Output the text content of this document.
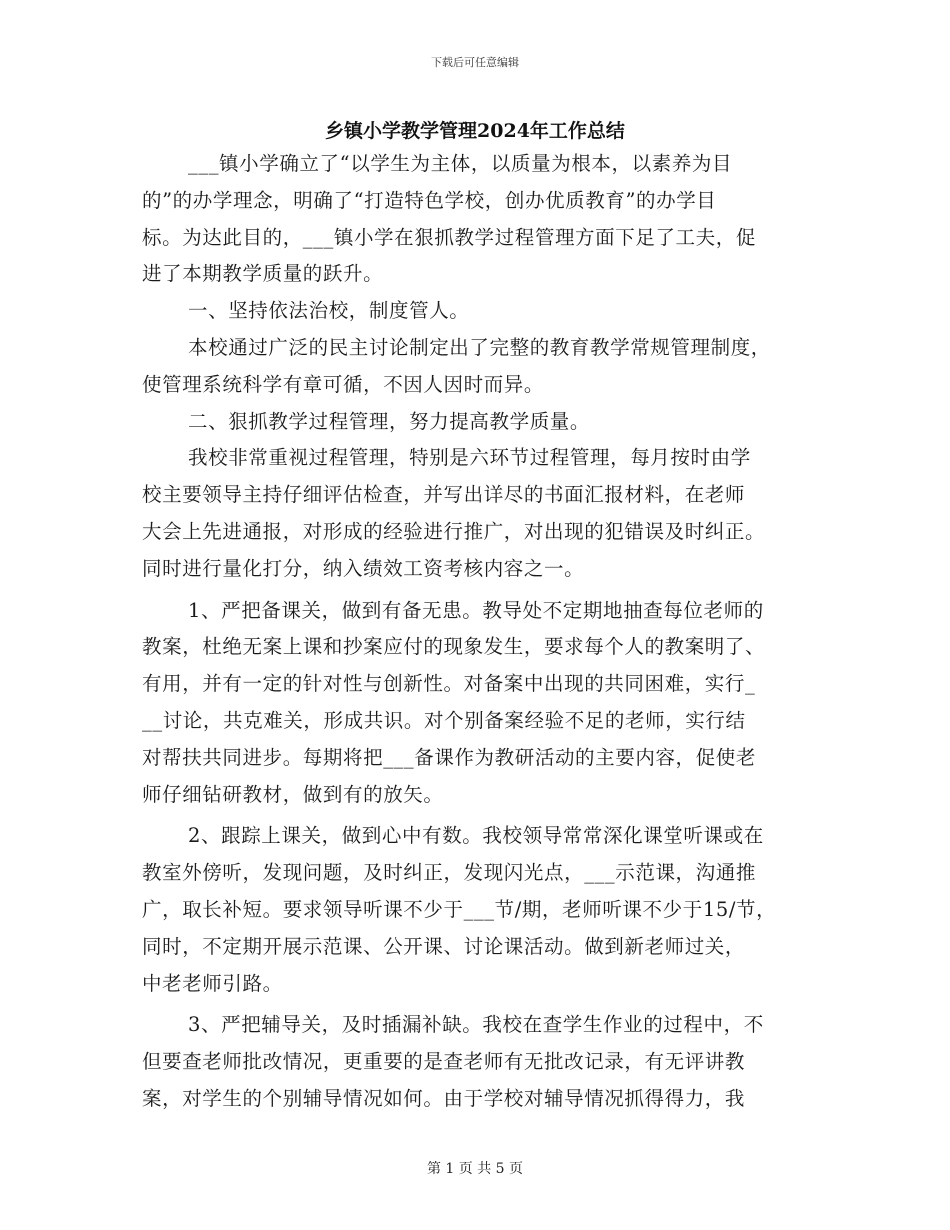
下载后可任意编辑
乡镇小学教学管理2024年工作总结
___镇小学确立了“以学生为主体，以质量为根本，以素养为目
的”的办学理念，明确了“打造特色学校，创办优质教育”的办学目
标。为达此目的，___镇小学在狠抓教学过程管理方面下足了工夫，促
进了本期教学质量的跃升。
一、坚持依法治校，制度管人。
本校通过广泛的民主讨论制定出了完整的教育教学常规管理制度，
使管理系统科学有章可循，不因人因时而异。
二、狠抓教学过程管理，努力提高教学质量。
我校非常重视过程管理，特别是六环节过程管理，每月按时由学
校主要领导主持仔细评估检查，并写出详尽的书面汇报材料，在老师
大会上先进通报，对形成的经验进行推广，对出现的犯错误及时纠正。
同时进行量化打分，纳入绩效工资考核内容之一。
1、严把备课关，做到有备无患。教导处不定期地抽查每位老师的
教案，杜绝无案上课和抄案应付的现象发生，要求每个人的教案明了、
有用，并有一定的针对性与创新性。对备案中出现的共同困难，实行_
__讨论，共克难关，形成共识。对个别备案经验不足的老师，实行结
对帮扶共同进步。每期将把___备课作为教研活动的主要内容，促使老
师仔细钻研教材，做到有的放矢。
2、跟踪上课关，做到心中有数。我校领导常常深化课堂听课或在
教室外傍听，发现问题，及时纠正，发现闪光点，___示范课，沟通推
广，取长补短。要求领导听课不少于___节/期，老师听课不少于15/节，
同时，不定期开展示范课、公开课、讨论课活动。做到新老师过关，
中老老师引路。
3、严把辅导关，及时插漏补缺。我校在查学生作业的过程中，不
但要查老师批改情况，更重要的是查老师有无批改记录，有无评讲教
案，对学生的个别辅导情况如何。由于学校对辅导情况抓得得力，我
第 1 页 共 5 页
